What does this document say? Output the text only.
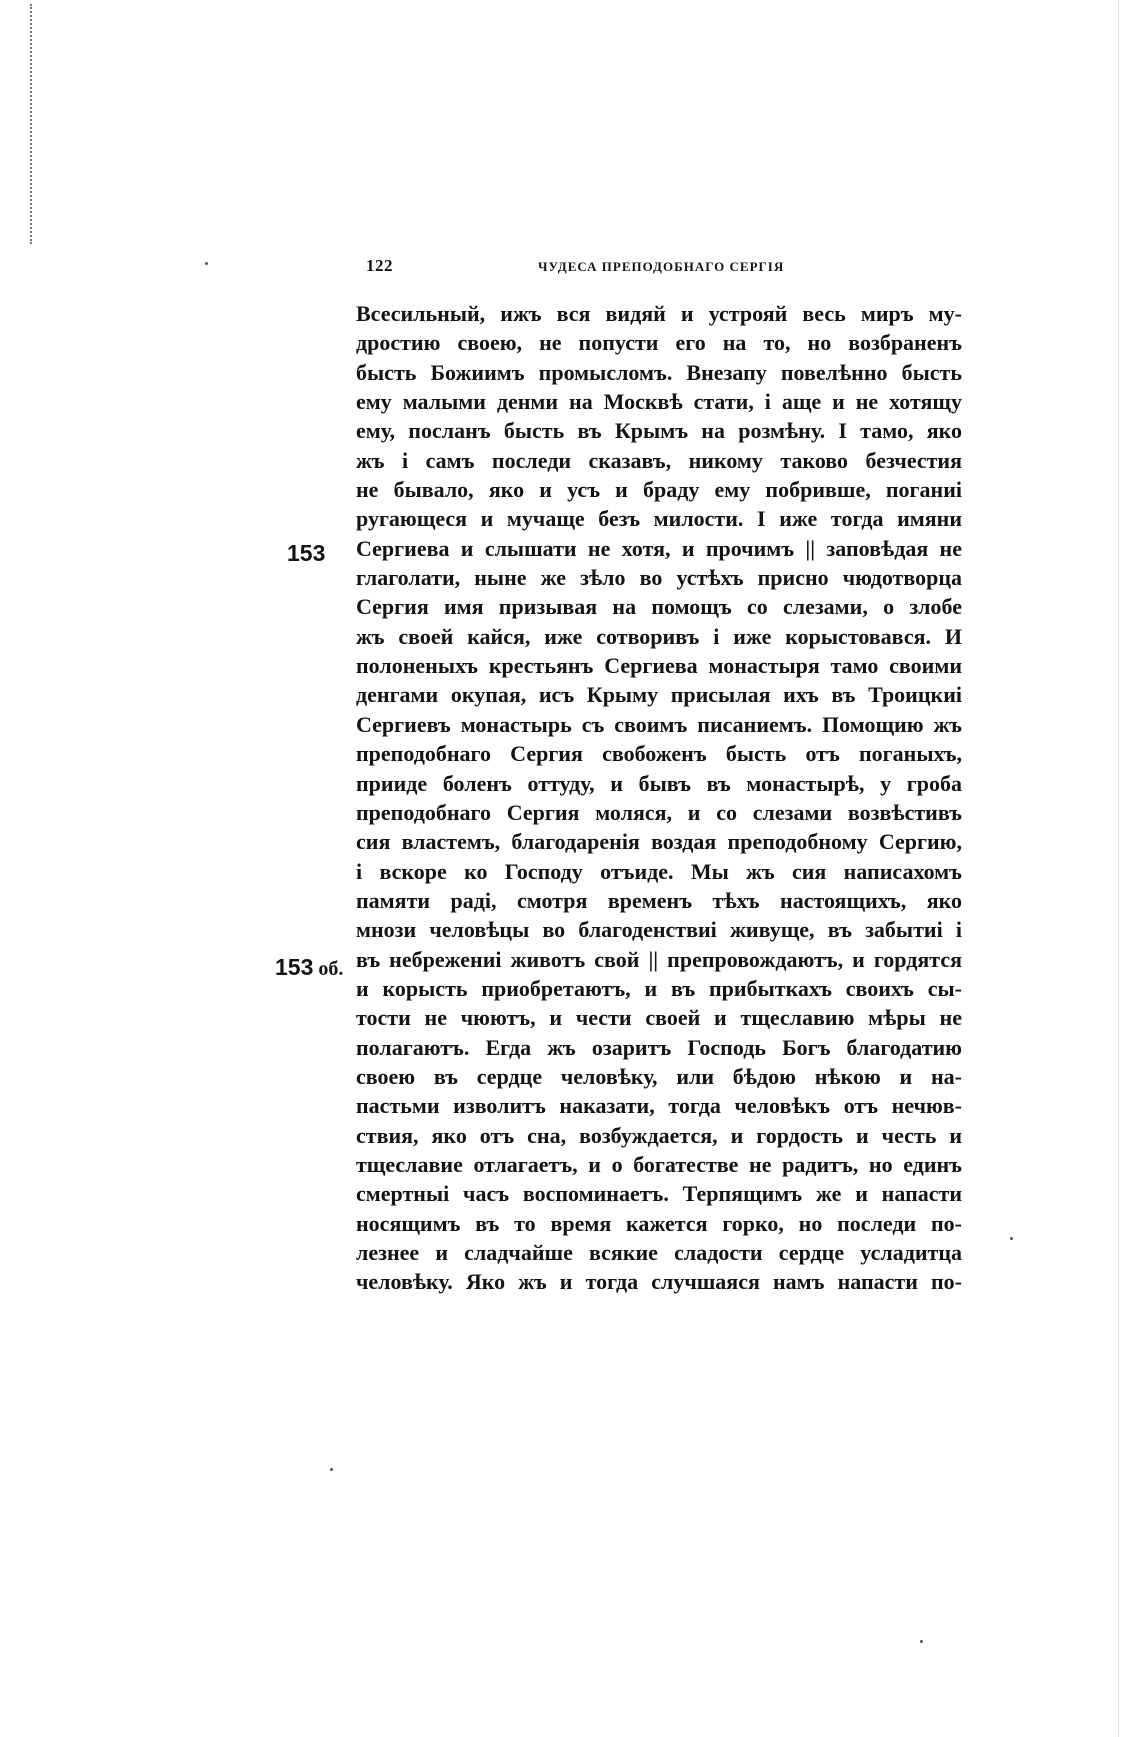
122	ЧУДЕСА ПРЕПОДОБНАГО СЕРГІЯ
153
153 об.
Всесильный, ижъ вся видяй и устрояй весь миръ му-
дростию своею, не попусти его на то, но возбраненъ
бысть Божиимъ промысломъ. Внезапу повелѣнно бысть
ему малыми денми на Москвѣ стати, і аще и не хотящу
ему, посланъ бысть въ Крымъ на розмѣну. І тамо, яко
жъ і самъ последи сказавъ, никому таково безчестия
не бывало, яко и усъ и браду ему побривше, поганиі
ругающеся и мучаще безъ милости. І иже тогда имяни
Сергиева и слышати не хотя, и прочимъ || заповѣдая не
глаголати, ныне же зѣло во устѣхъ присно чюдотворца
Сергия имя призывая на помощъ со слезами, о злобе
жъ своей кайся, иже сотворивъ і иже корыстовався. И
полоненыхъ крестьянъ Сергиева монастыря тамо своими
денгами окупая, исъ Крыму присылая ихъ въ Троицкиі
Сергиевъ монастырь съ своимъ писаниемъ. Помощию жъ
преподобнаго Сергия свобоженъ бысть отъ поганыхъ,
прииде боленъ оттуду, и бывъ въ монастырѣ, у гроба
преподобнаго Сергия моляся, и со слезами возвѣстивъ
сия властемъ, благодаренія воздая преподобному Сергию,
і вскоре ко Господу отъиде. Мы жъ сия написахомъ
памяти радi, смотря временъ тѣхъ настоящихъ, яко
мнози человѣцы во благоденствиі живуще, въ забытиі і
въ небрежениі животъ свой || препровождаютъ, и гордятся
и корысть приобретаютъ, и въ прибыткахъ своихъ сы-
тости не чюютъ, и чести своей и тщеславию мѣры не
полагаютъ. Егда жъ озаритъ Господь Богъ благодатию
своею въ сердце человѣку, или бѣдою нѣкою и на-
пастьми изволитъ наказати, тогда человѣкъ отъ нечюв-
ствия, яко отъ сна, возбуждается, и гордость и честь и
тщеславие отлагаетъ, и о богатестве не радитъ, но единъ
смертныі часъ воспоминаетъ. Терпящимъ же и напасти
носящимъ въ то время кажется горко, но последи по-
лезнее и сладчайше всякие сладости сердце усладитца
человѣку. Яко жъ и тогда случшаяся намъ напасти по-
